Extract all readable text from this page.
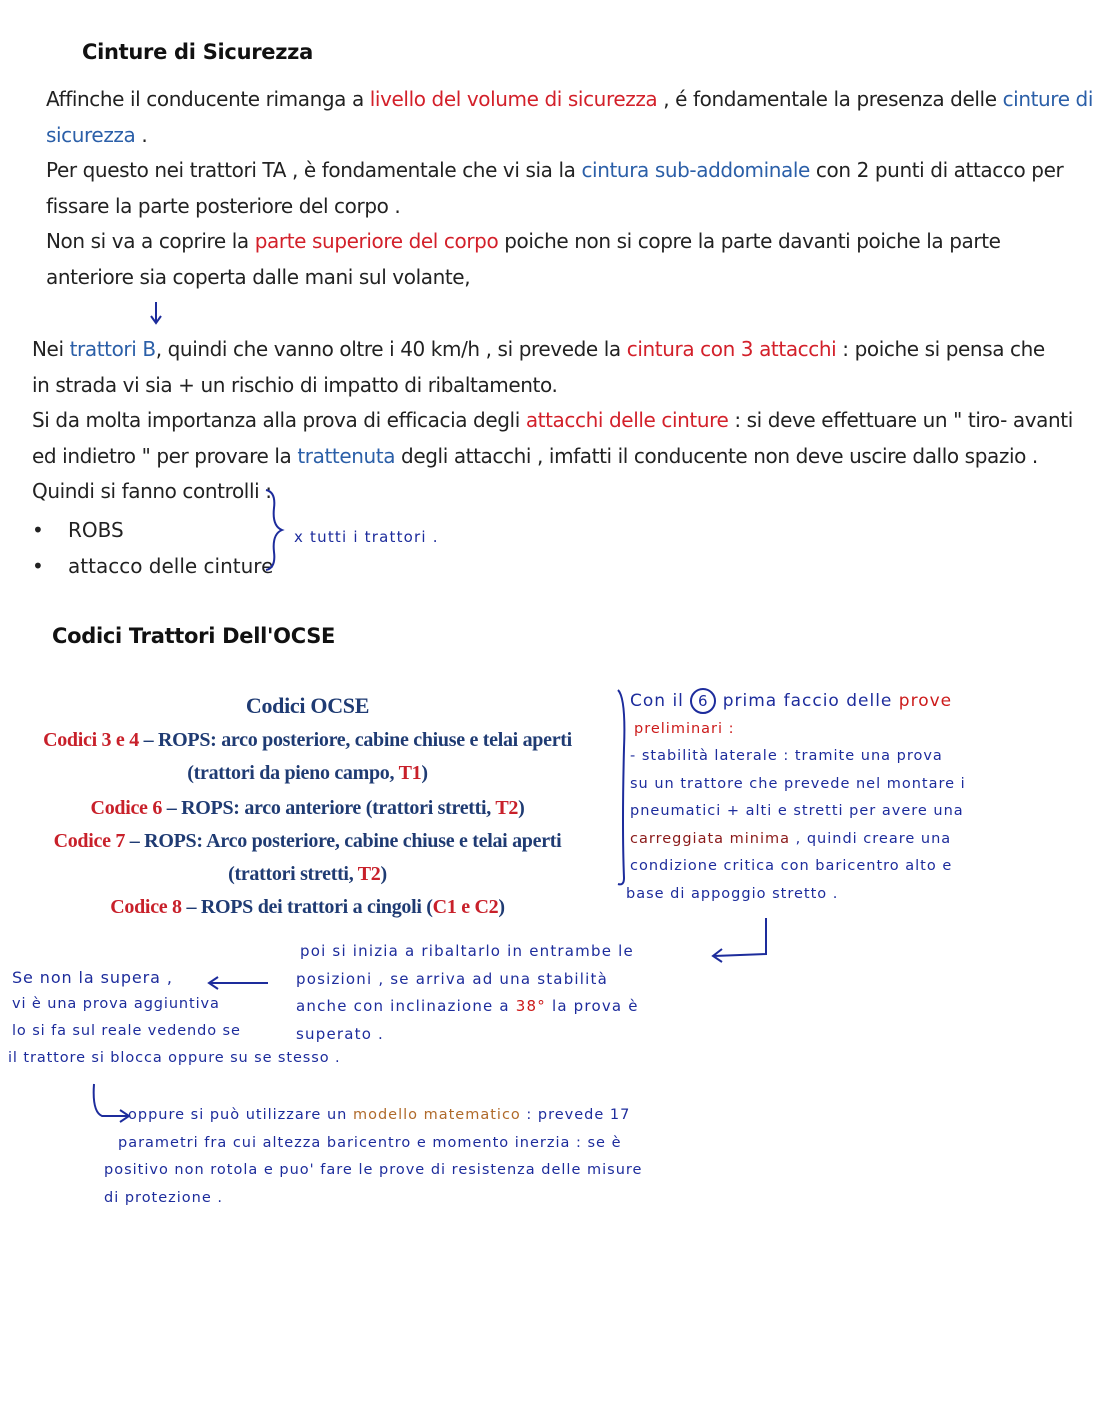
Cinture di Sicurezza
Affinche il conducente rimanga a livello del volume di sicurezza , é fondamentale la presenza delle cinture di
sicurezza .
Per questo nei trattori TA , è fondamentale che vi sia la cintura sub-addominale con 2 punti di attacco per
fissare la parte posteriore del corpo .
Non si va a coprire la parte superiore del corpo poiche non si copre la parte davanti poiche la parte
anteriore sia coperta dalle mani sul volante,
Nei trattori B, quindi che vanno oltre i 40 km/h , si prevede la cintura con 3 attacchi : poiche si pensa che
in strada vi sia + un rischio di impatto di ribaltamento.
Si da molta importanza alla prova di efficacia degli attacchi delle cinture : si deve effettuare un " tiro- avanti
ed indietro " per provare la trattenuta degli attacchi , imfatti il conducente non deve uscire dallo spazio .
Quindi si fanno controlli :
• ROBS
• attacco delle cinture
x tutti i trattori .
Codici Trattori Dell'OCSE
Codici OCSE
Codici 3 e 4 – ROPS: arco posteriore, cabine chiuse e telai aperti
(trattori da pieno campo, T1)
Codice 6 – ROPS: arco anteriore (trattori stretti, T2)
Codice 7 – ROPS: Arco posteriore, cabine chiuse e telai aperti
(trattori stretti, T2)
Codice 8 – ROPS dei trattori a cingoli (C1 e C2)
Con il 6 prima faccio delle prove
preliminari :
- stabilità laterale : tramite una prova
su un trattore che prevede nel montare i
pneumatici + alti e stretti per avere una
carreggiata minima , quindi creare una
condizione critica con baricentro alto e
base di appoggio stretto .
poi si inizia a ribaltarlo in entrambe le
posizioni , se arriva ad una stabilità
anche con inclinazione a 38° la prova è
superato .
Se non la supera ,
vi è una prova aggiuntiva
lo si fa sul reale vedendo se
il trattore si blocca oppure su se stesso .
oppure si può utilizzare un modello matematico : prevede 17
parametri fra cui altezza baricentro e momento inerzia : se è
positivo non rotola e puo' fare le prove di resistenza delle misure
di protezione .
